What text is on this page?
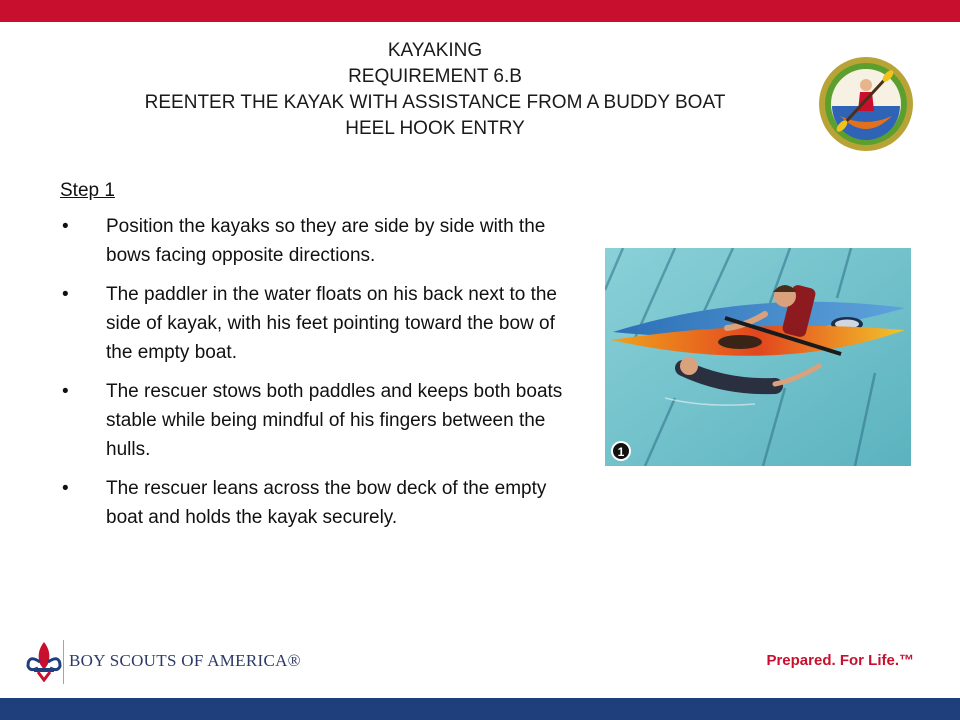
KAYAKING
REQUIREMENT 6.B
REENTER THE KAYAK WITH ASSISTANCE FROM A BUDDY BOAT
HEEL HOOK ENTRY
Step 1
• Position the kayaks so they are side by side with the bows facing opposite directions.
• The paddler in the water floats on his back next to the side of kayak, with his feet pointing toward the bow of the empty boat.
• The rescuer stows both paddles and keeps both boats stable while being mindful of his fingers between the hulls.
• The rescuer leans across the bow deck of the empty boat and holds the kayak securely.
1
BOY SCOUTS OF AMERICA®	Prepared. For Life.™
